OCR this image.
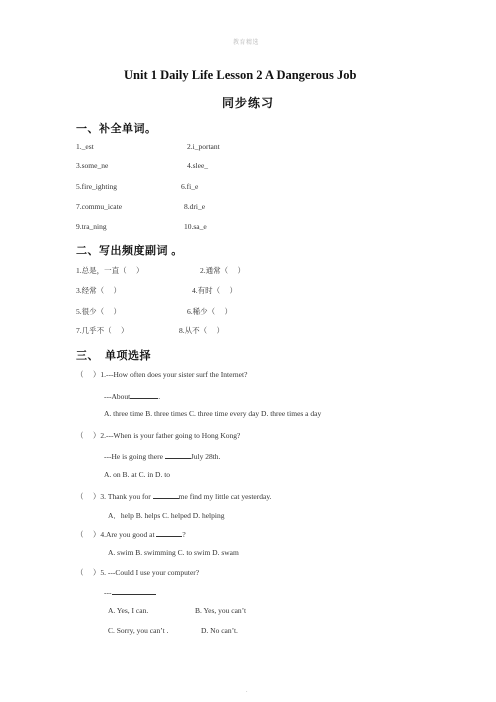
教育精选
Unit 1 Daily Life Lesson 2 A Dangerous Job
同步练习
一、补全单词。
1._est	2.i_portant
3.some_ne	4.slee_
5.fire_ighting	6.fi_e
7.commu_icate	8.dri_e
9.tra_ning	10.sa_e
二、写出频度副词 。
1.总是，一直（　 ）	2.通常（　 ）
3.经常（　 ）	4.有时（　 ）
5.很少（　 ）	6.稀少（　 ）
7.几乎不（　 ）	8.从不（　 ）
三、　单项选择
（　 ）1.---How often does your sister surf the Internet?
---About	.
A. three time B. three times C. three time every day D. three times a day
（　 ）2.---When is your father going to Hong Kong?
---He is going there	July 28th.
A. on B. at C. in D. to
（　 ）3. Thank you for	me find my little cat yesterday.
A．help B. helps C. helped D. helping
（　 ）4.Are you good at	?
A. swim B. swimming C. to swim D. swam
（　 ）5. ---Could I use your computer?
---
A. Yes, I can.	B. Yes, you can’t
C. Sorry, you can’t .	D. No can’t.
.
